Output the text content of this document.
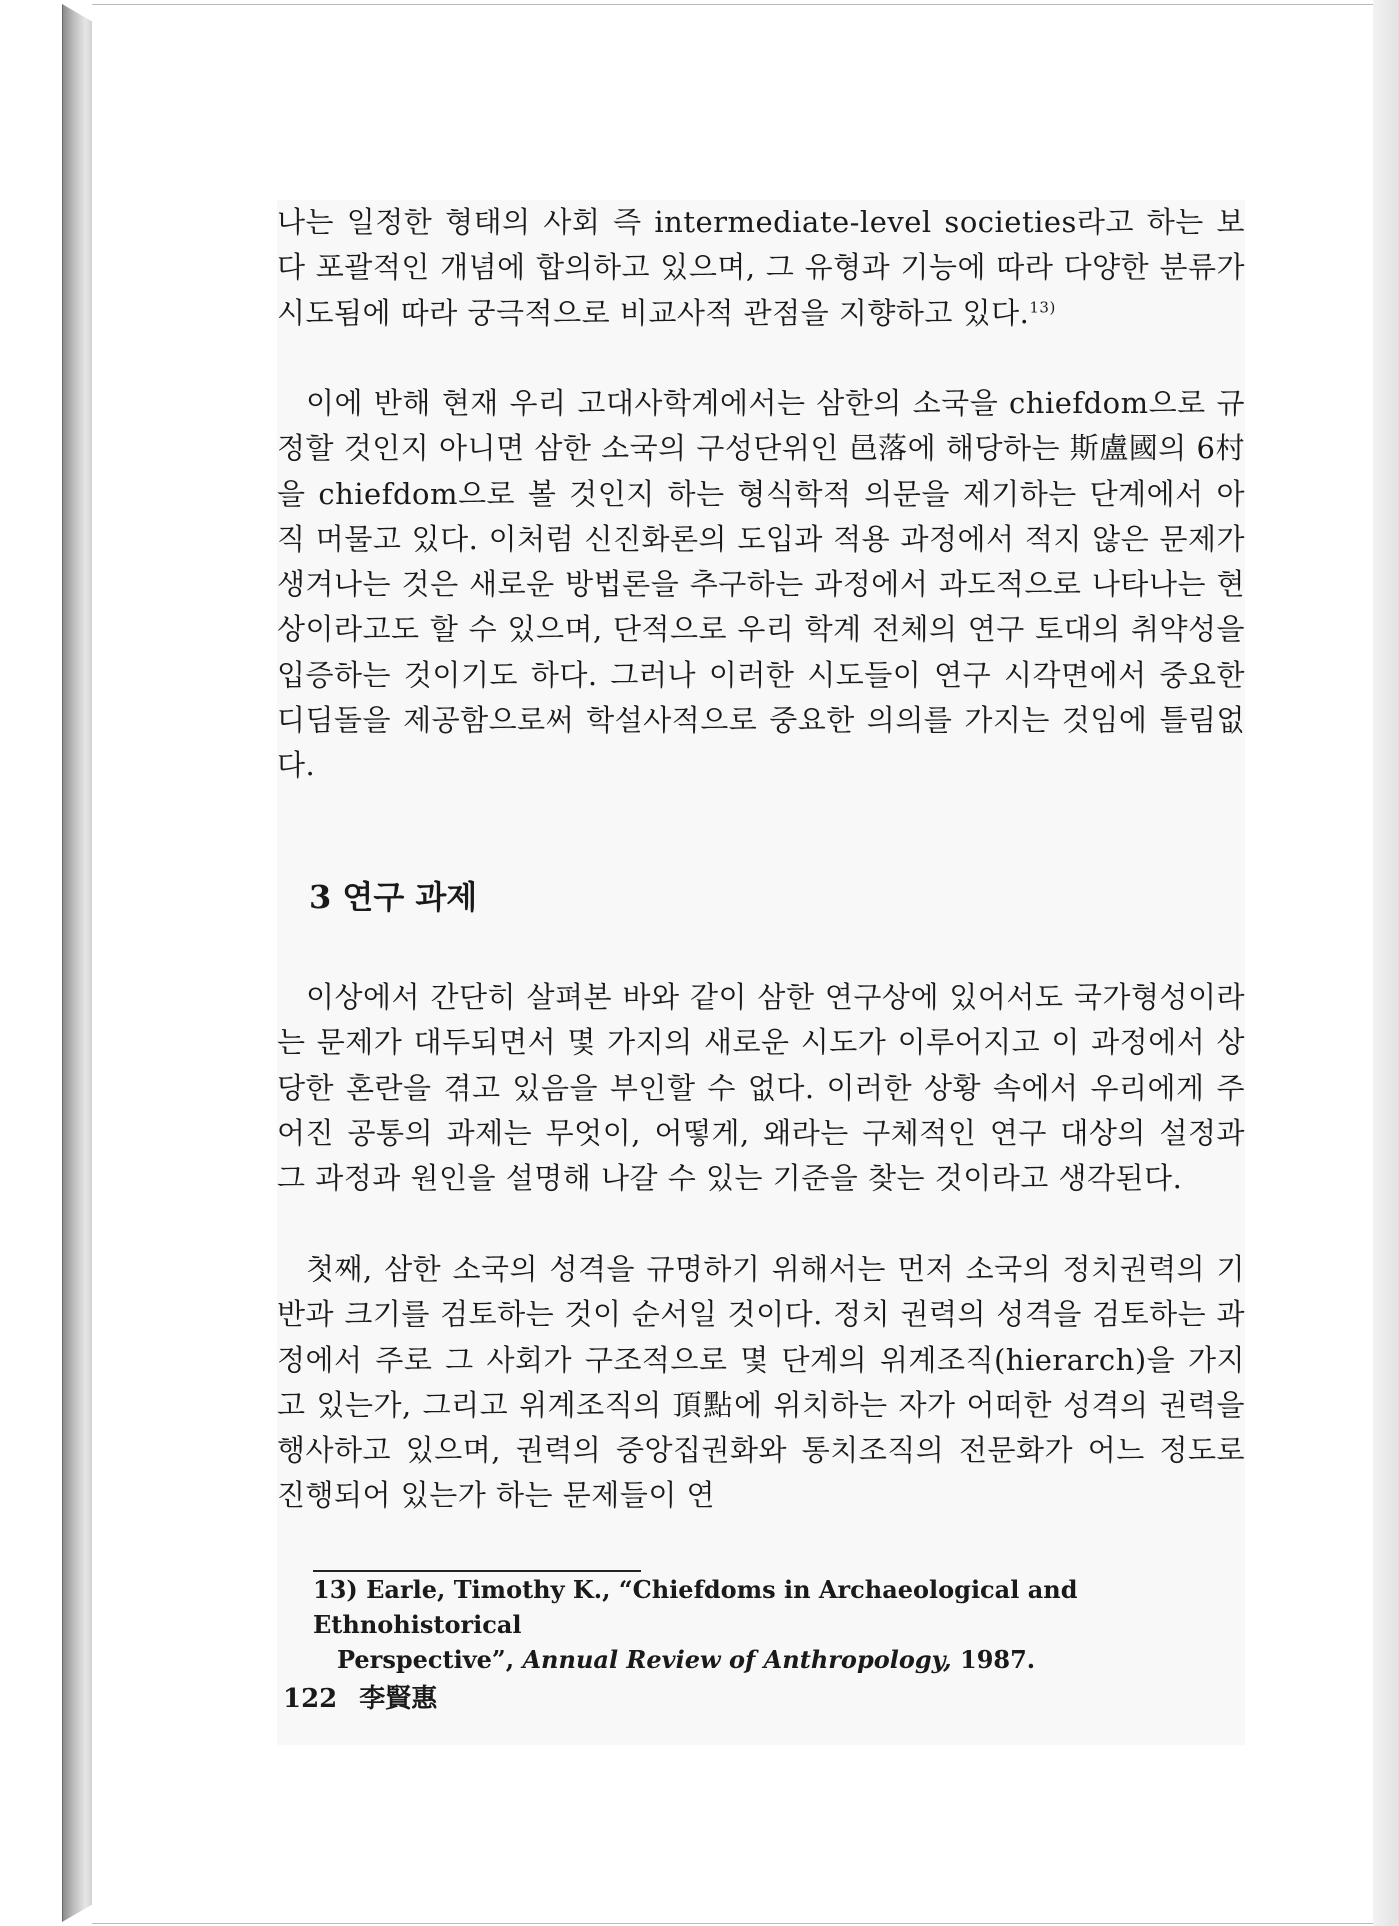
나는 일정한 형태의 사회 즉 intermediate-level societies라고 하는 보다 포괄적인 개념에 합의하고 있으며, 그 유형과 기능에 따라 다양한 분류가 시도됨에 따라 궁극적으로 비교사적 관점을 지향하고 있다.$^{13)}$

이에 반해 현재 우리 고대사학계에서는 삼한의 소국을 chiefdom으로 규정할 것인지 아니면 삼한 소국의 구성단위인 邑落에 해당하는 斯盧國의 6村을 chiefdom으로 볼 것인지 하는 형식학적 의문을 제기하는 단계에서 아직 머물고 있다. 이처럼 신진화론의 도입과 적용 과정에서 적지 않은 문제가 생겨나는 것은 새로운 방법론을 추구하는 과정에서 과도적으로 나타나는 현상이라고도 할 수 있으며, 단적으로 우리 학계 전체의 연구 토대의 취약성을 입증하는 것이기도 하다. 그러나 이러한 시도들이 연구 시각면에서 중요한 디딤돌을 제공함으로써 학설사적으로 중요한 의의를 가지는 것임에 틀림없다.

3 연구 과제

이상에서 간단히 살펴본 바와 같이 삼한 연구상에 있어서도 국가형성이라는 문제가 대두되면서 몇 가지의 새로운 시도가 이루어지고 이 과정에서 상당한 혼란을 겪고 있음을 부인할 수 없다. 이러한 상황 속에서 우리에게 주어진 공통의 과제는 무엇이, 어떻게, 왜라는 구체적인 연구 대상의 설정과 그 과정과 원인을 설명해 나갈 수 있는 기준을 찾는 것이라고 생각된다.

첫째, 삼한 소국의 성격을 규명하기 위해서는 먼저 소국의 정치권력의 기반과 크기를 검토하는 것이 순서일 것이다. 정치 권력의 성격을 검토하는 과정에서 주로 그 사회가 구조적으로 몇 단계의 위계조직(hierarch)을 가지고 있는가, 그리고 위계조직의 頂點에 위치하는 자가 어떠한 성격의 권력을 행사하고 있으며, 권력의 중앙집권화와 통치조직의 전문화가 어느 정도로 진행되어 있는가 하는 문제들이 연

13) Earle, Timothy K., “Chiefdoms in Archaeological and Ethnohistorical
Perspective”, Annual Review of Anthropology, 1987.

122 李賢惠
